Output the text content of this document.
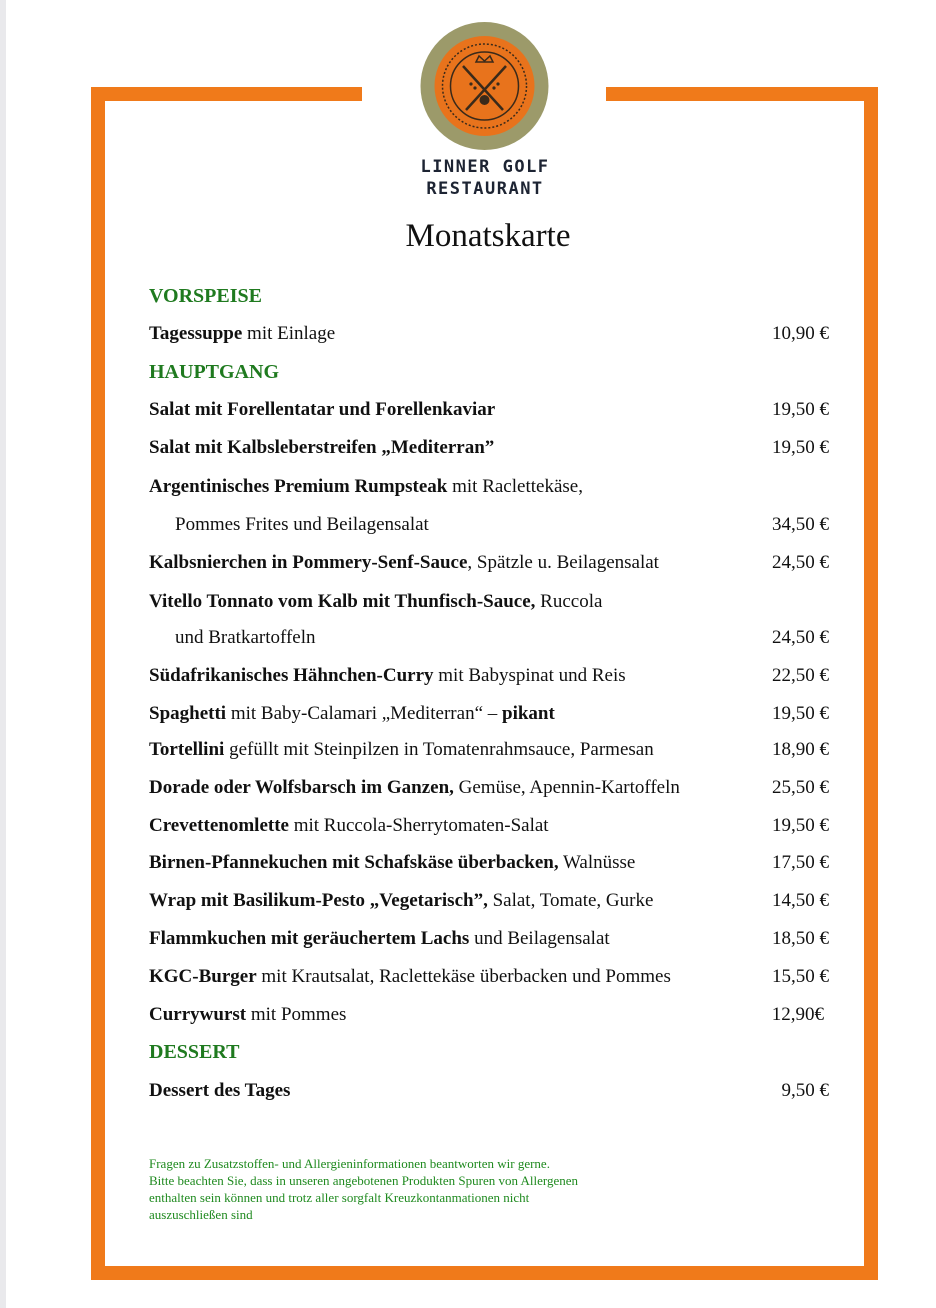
LINNER GOLF
RESTAURANT
Monatskarte
VORSPEISE
HAUPTGANG
DESSERT
Tagessuppe mit Einlage	10,90 €
Salat mit Forellentatar und Forellenkaviar	19,50 €
Salat mit Kalbsleberstreifen „Mediterran”	19,50 €
Argentinisches Premium Rumpsteak mit Raclettekäse,
Pommes Frites und Beilagensalat	34,50 €
Kalbsnierchen in Pommery-Senf-Sauce, Spätzle u. Beilagensalat	24,50 €
Vitello Tonnato vom Kalb mit Thunfisch-Sauce, Ruccola
und Bratkartoffeln	24,50 €
Südafrikanisches Hähnchen-Curry mit Babyspinat und Reis	22,50 €
Spaghetti mit Baby-Calamari „Mediterran“ – pikant	19,50 €
Tortellini gefüllt mit Steinpilzen in Tomatenrahmsauce, Parmesan	18,90 €
Dorade oder Wolfsbarsch im Ganzen, Gemüse, Apennin-Kartoffeln	25,50 €
Crevettenomlette mit Ruccola-Sherrytomaten-Salat	19,50 €
Birnen-Pfannekuchen mit Schafskäse überbacken, Walnüsse	17,50 €
Wrap mit Basilikum-Pesto „Vegetarisch”, Salat, Tomate, Gurke	14,50 €
Flammkuchen mit geräuchertem Lachs und Beilagensalat	18,50 €
KGC-Burger mit Krautsalat, Raclettekäse überbacken und Pommes	15,50 €
Currywurst mit Pommes	12,90€
Dessert des Tages	9,50 €
Fragen zu Zusatzstoffen- und Allergieninformationen beantworten wir gerne.
Bitte beachten Sie, dass in unseren angebotenen Produkten Spuren von Allergenen
enthalten sein können und trotz aller sorgfalt Kreuzkontanmationen nicht
auszuschließen sind
